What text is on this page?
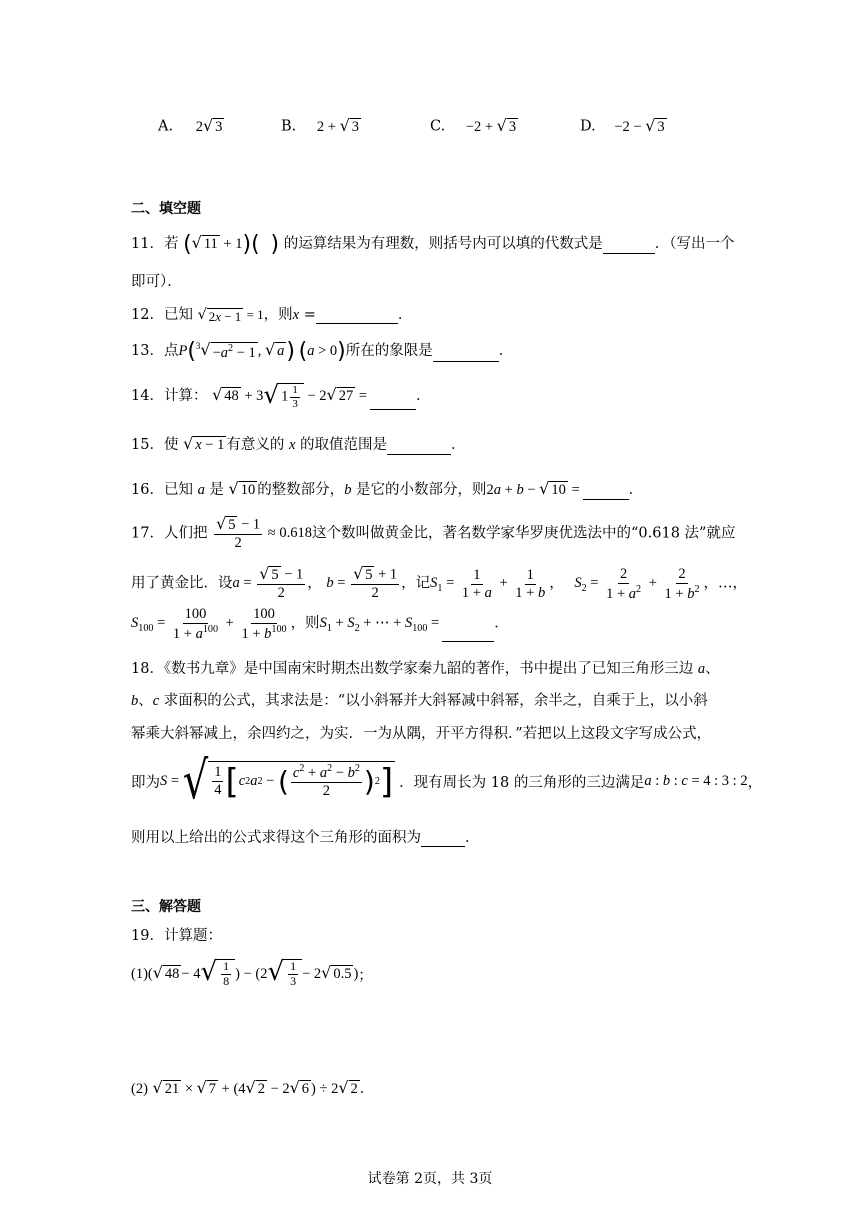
A. 2 √ 3	B. 2 + √ 3	C. −2 + √ 3	D. −2 − √ 3
二、填空题
11．若 ( √ 11 + 1)( ) 的运算结果为有理数，则括号内可以填的代数式是	．（写出一个
即可）．
12．已知 √ 2x − 1 = 1，则x =	．
13．点P($^3$ √ $-a^2 - 1$ , √ a ) (a > 0)所在的象限是	．
14．计算： √ 48 + 3 √ $1 \frac{1}{3} - 2$ √ 27 =	．
15．使 √ x − 1 有意义的 x 的取值范围是	．
16．已知 a 是 √ 10 的整数部分，b 是它的小数部分，则2a + b − √ 10 =	．
17．人们把 $\frac{√ 5 - 1}{2} \approx 0.618$这个数叫做黄金比，著名数学家华罗庚优选法中的“0.618 法”就应
用了黄金比．设$a = \frac{√ 5 - 1}{2}$ ， $b = \frac{√ 5 + 1}{2}$ ，记$S_1 = \frac{1}{1 + a} + \frac{1}{1 + b}$ ， $S_2 = \frac{2}{1 + a^2} + \frac{2}{1 + b^2}$ ，…，
$S_{100} = \frac{100}{1 + a^{100}} + \frac{100}{1 + b^{100}}$ ，则$S_1 + S_2$ + ⋯ + $S_{100}$ =	．
18．《数书九章》是中国南宋时期杰出数学家秦九韶的著作，书中提出了已知三角形三边 a、
b、c 求面积的公式，其求法是：“以小斜幂并大斜幂减中斜幂，余半之，自乘于上，以小斜
幂乘大斜幂减上，余四约之，为实．一为从隅，开平方得积．”若把以上这段文字写成公式，
即为 S = √ $\frac{1}{4}$ [ c 2 a 2 − ( $\frac{c^2 + a^2 - b^2}{2}$ ) 2 ] ．现有周长为 18 的三角形的三边满足 a : b : c = 4 : 3 : 2 ，
则用以上给出的公式求得这个三角形的面积为	．
三、解答题
19．计算题：
(1) ( √ 48 − 4 √ $\frac{1}{8}$ ) − (2 √ $\frac{1}{3} - 2$ √ 0.5 ) ；
(2) √ 21 × √ 7 + (4 √ 2 − 2 √ 6 ) ÷ 2 √ 2 ．
试卷第 2页，共 3页
